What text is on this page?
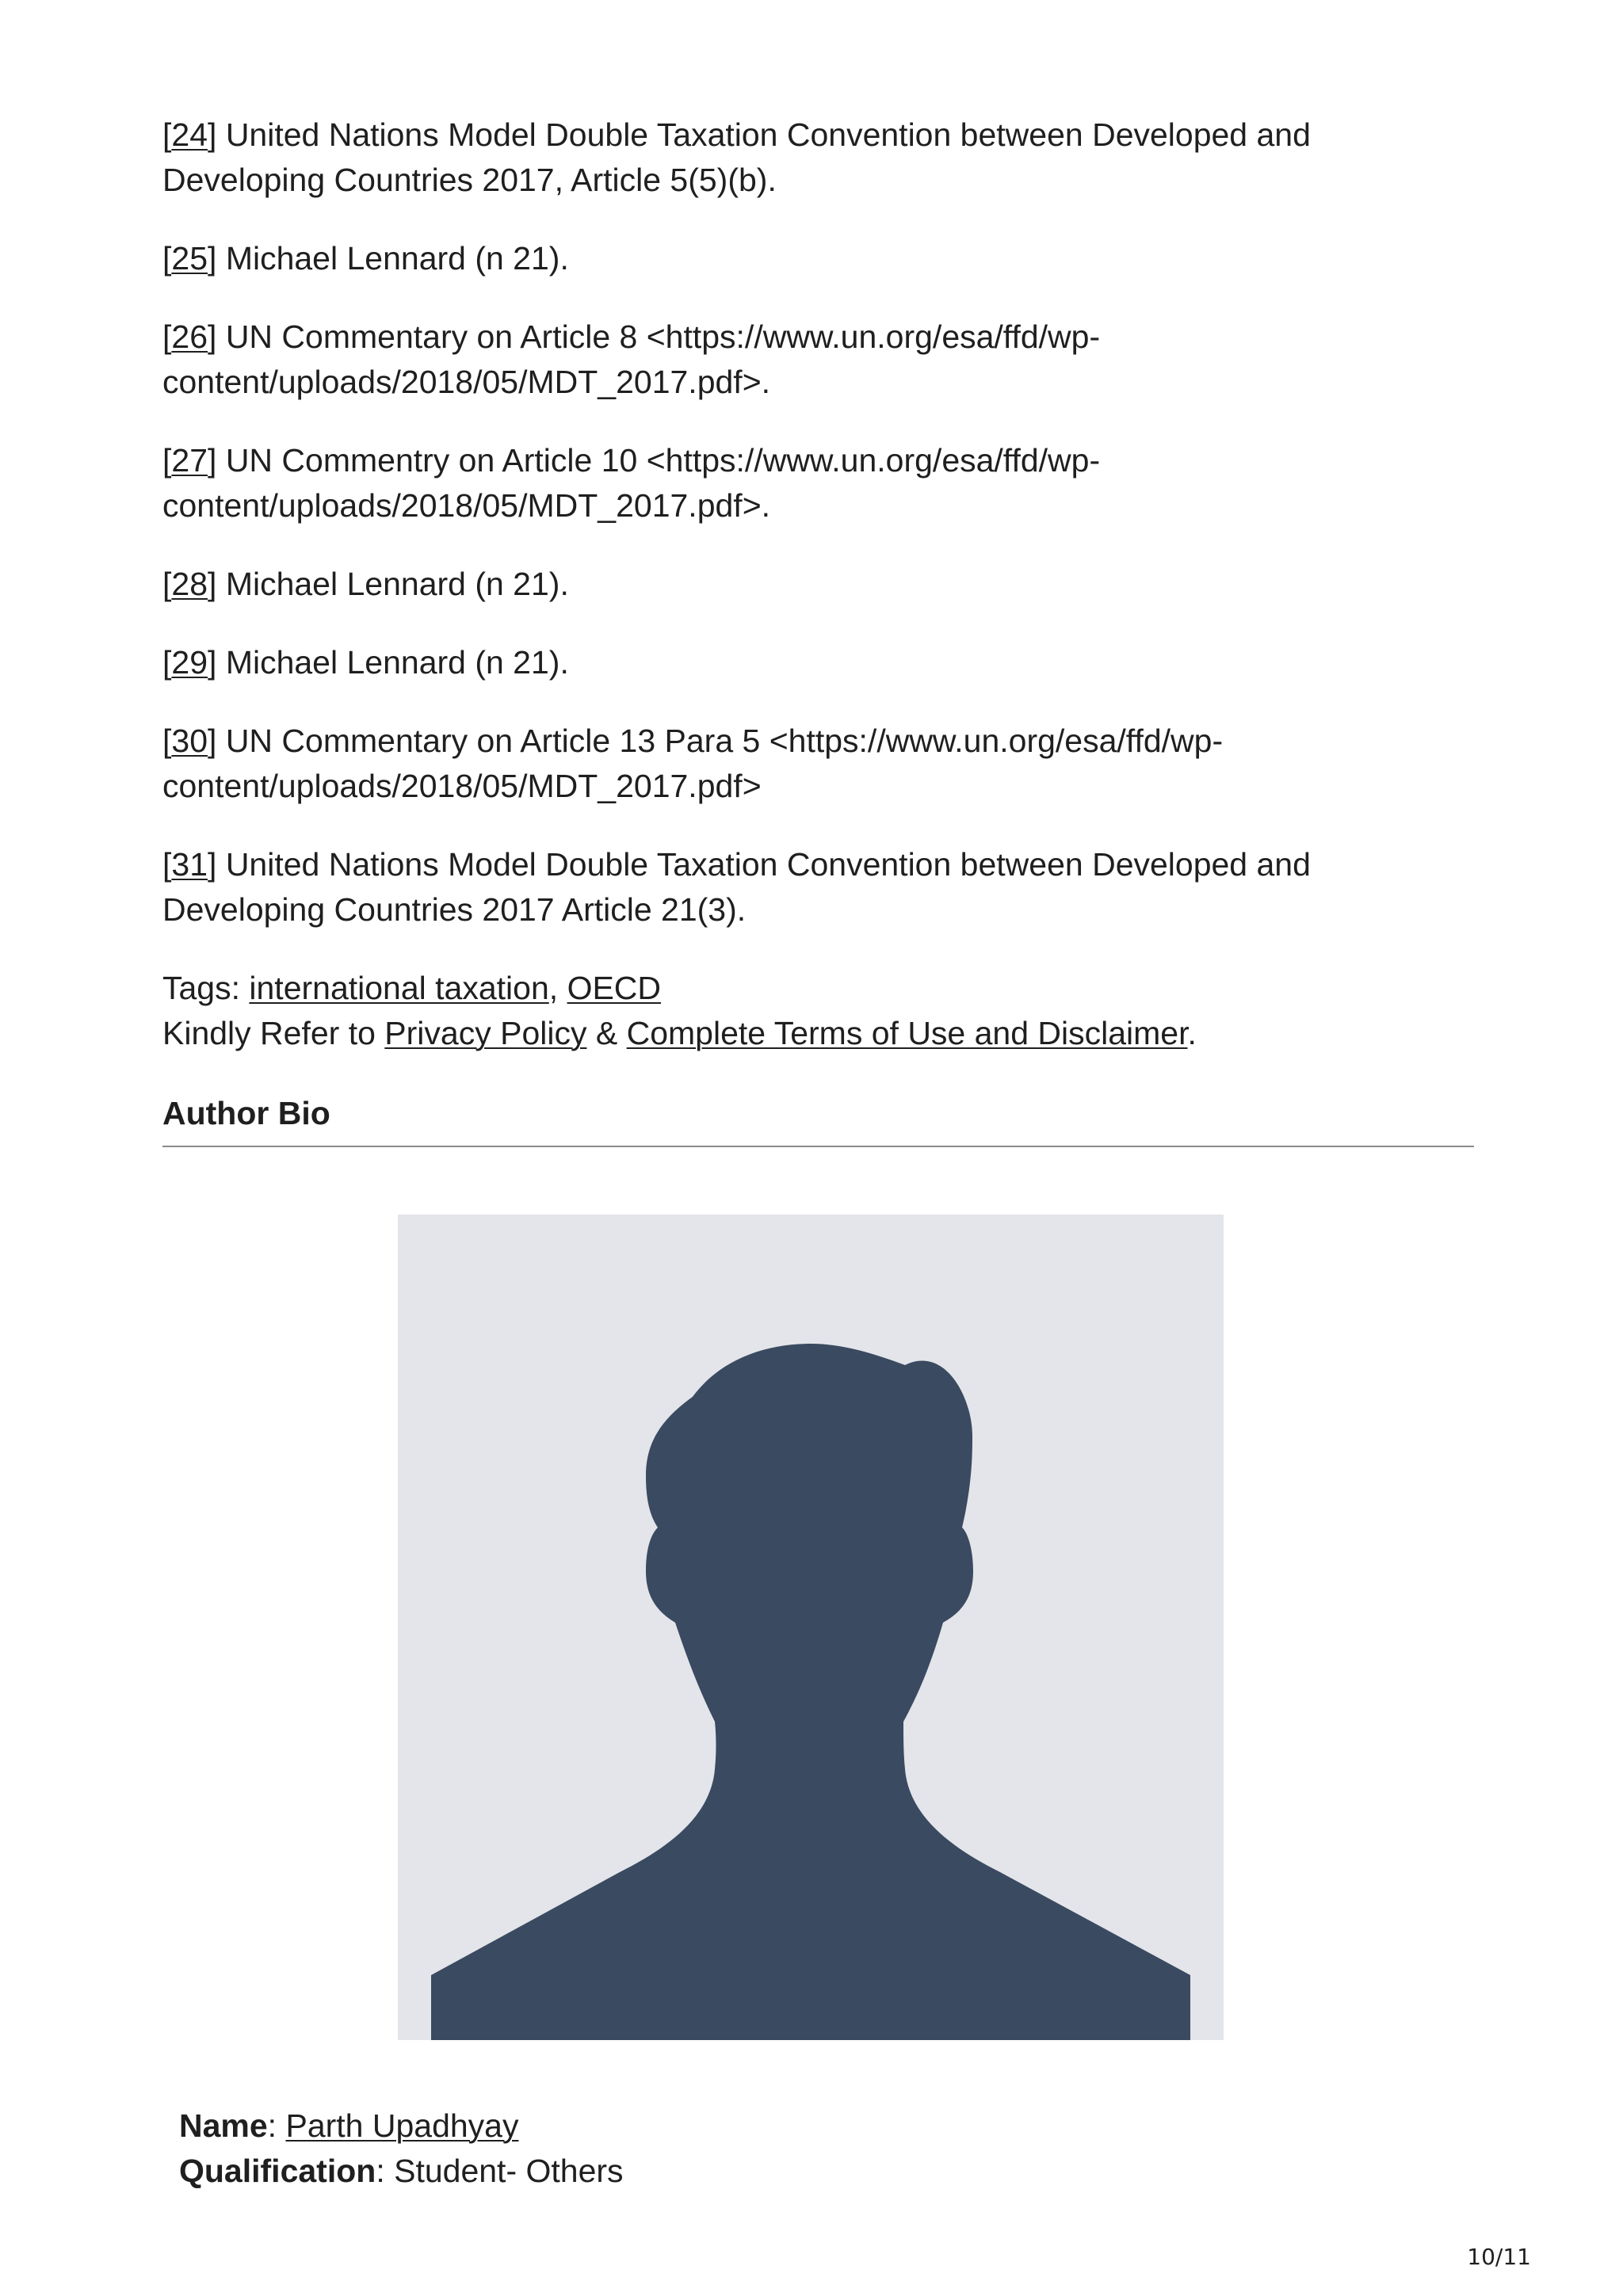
[24] United Nations Model Double Taxation Convention between Developed and Developing Countries 2017, Article 5(5)(b).

[25] Michael Lennard (n 21).

[26] UN Commentary on Article 8 <https://www.un.org/esa/ffd/wp-content/uploads/2018/05/MDT_2017.pdf>.

[27] UN Commentry on Article 10 <https://www.un.org/esa/ffd/wp-content/uploads/2018/05/MDT_2017.pdf>.

[28] Michael Lennard (n 21).

[29] Michael Lennard (n 21).

[30] UN Commentary on Article 13 Para 5 <https://www.un.org/esa/ffd/wp-content/uploads/2018/05/MDT_2017.pdf>

[31] United Nations Model Double Taxation Convention between Developed and Developing Countries 2017 Article 21(3).

Tags: international taxation, OECD

Kindly Refer to Privacy Policy & Complete Terms of Use and Disclaimer.

Author Bio
Name: Parth Upadhyay
Qualification: Student- Others
10/11
